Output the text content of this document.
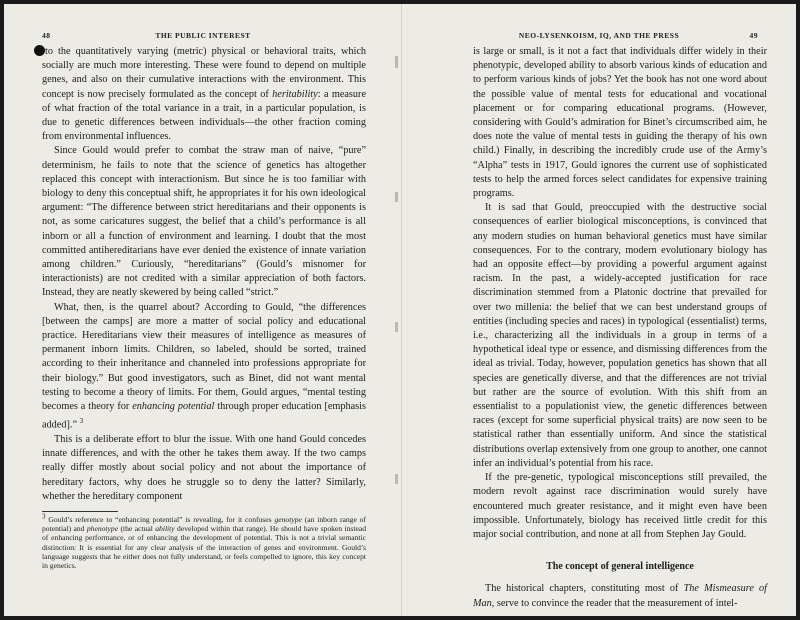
48	THE PUBLIC INTEREST

to the quantitatively varying (metric) physical or behavioral traits, which socially are much more interesting. These were found to depend on multiple genes, and also on their cumulative interactions with the environment. This concept is now precisely formulated as the concept of heritability: a measure of what fraction of the total variance in a trait, in a particular population, is due to genetic differences between individuals—the other fraction coming from environmental influences.

Since Gould would prefer to combat the straw man of naive, “pure” determinism, he fails to note that the science of genetics has altogether replaced this concept with interactionism. But since he is too familiar with biology to deny this conceptual shift, he appropriates it for his own ideological argument: “The difference between strict hereditarians and their opponents is not, as some caricatures suggest, the belief that a child’s performance is all inborn or all a function of environment and learning. I doubt that the most committed antihereditarians have ever denied the existence of innate variation among children.” Curiously, “hereditarians” (Gould’s misnomer for interactionists) are not credited with a similar appreciation of both factors. Instead, they are neatly skewered by being called “strict.”

What, then, is the quarrel about? According to Gould, “the differences [between the camps] are more a matter of social policy and educational practice. Hereditarians view their measures of intelligence as measures of permanent inborn limits. Children, so labeled, should be sorted, trained according to their inheritance and channeled into professions appropriate for their biology.” But good investigators, such as Binet, did not want mental testing to become a theory of limits. For them, Gould argues, “mental testing becomes a theory for enhancing potential through proper education [emphasis added].” $^3$

This is a deliberate effort to blur the issue. With one hand Gould concedes innate differences, and with the other he takes them away. If the two camps really differ mostly about social policy and not about the importance of hereditary factors, why does he struggle so to deny the latter? Similarly, whether the hereditary component

3 Gould’s reference to “enhancing potential” is revealing, for it confuses genotype (an inborn range of potential) and phenotype (the actual ability developed within that range). He should have spoken instead of enhancing performance, or of enhancing the development of potential. This is not a trivial semantic distinction: It is essential for any clear analysis of the interaction of genes and environment. Gould’s language suggests that he either does not fully understand, or feels compelled to ignore, this key concept in genetics.
NEO-LYSENKOISM, IQ, AND THE PRESS	49

is large or small, is it not a fact that individuals differ widely in their phenotypic, developed ability to absorb various kinds of education and to perform various kinds of jobs? Yet the book has not one word about the possible value of mental tests for educational and vocational placement or for comparing educational programs. (However, considering with Gould’s admiration for Binet’s circumscribed aim, he does note the value of mental tests in guiding the therapy of his own child.) Finally, in describing the incredibly crude use of the Army’s “Alpha” tests in 1917, Gould ignores the current use of sophisticated tests to help the armed forces select candidates for expensive training programs.

It is sad that Gould, preoccupied with the destructive social consequences of earlier biological misconceptions, is convinced that any modern studies on human behavioral genetics must have similar consequences. For to the contrary, modern evolutionary biology has had an opposite effect—by providing a powerful argument against racism. In the past, a widely-accepted justification for race discrimination stemmed from a Platonic doctrine that prevailed for over two millenia: the belief that we can best understand groups of entities (including species and races) in typological (essentialist) terms, i.e., characterizing all the individuals in a group in terms of a hypothetical ideal type or essence, and dismissing differences from the ideal as trivial. Today, however, population genetics has shown that all species are genetically diverse, and that the differences are not trivial but rather are the source of evolution. With this shift from an essentialist to a populationist view, the genetic differences between races (except for some superficial physical traits) are now seen to be statistical rather than essentially uniform. And since the statistical distributions overlap extensively from one group to another, one cannot infer an individual’s potential from his race.

If the pre-genetic, typological misconceptions still prevailed, the modern revolt against race discrimination would surely have encountered much greater resistance, and it might even have been impossible. Unfortunately, biology has received little credit for this major social contribution, and none at all from Stephen Jay Gould.

The concept of general intelligence

The historical chapters, constituting most of The Mismeasure of Man, serve to convince the reader that the measurement of intel-
